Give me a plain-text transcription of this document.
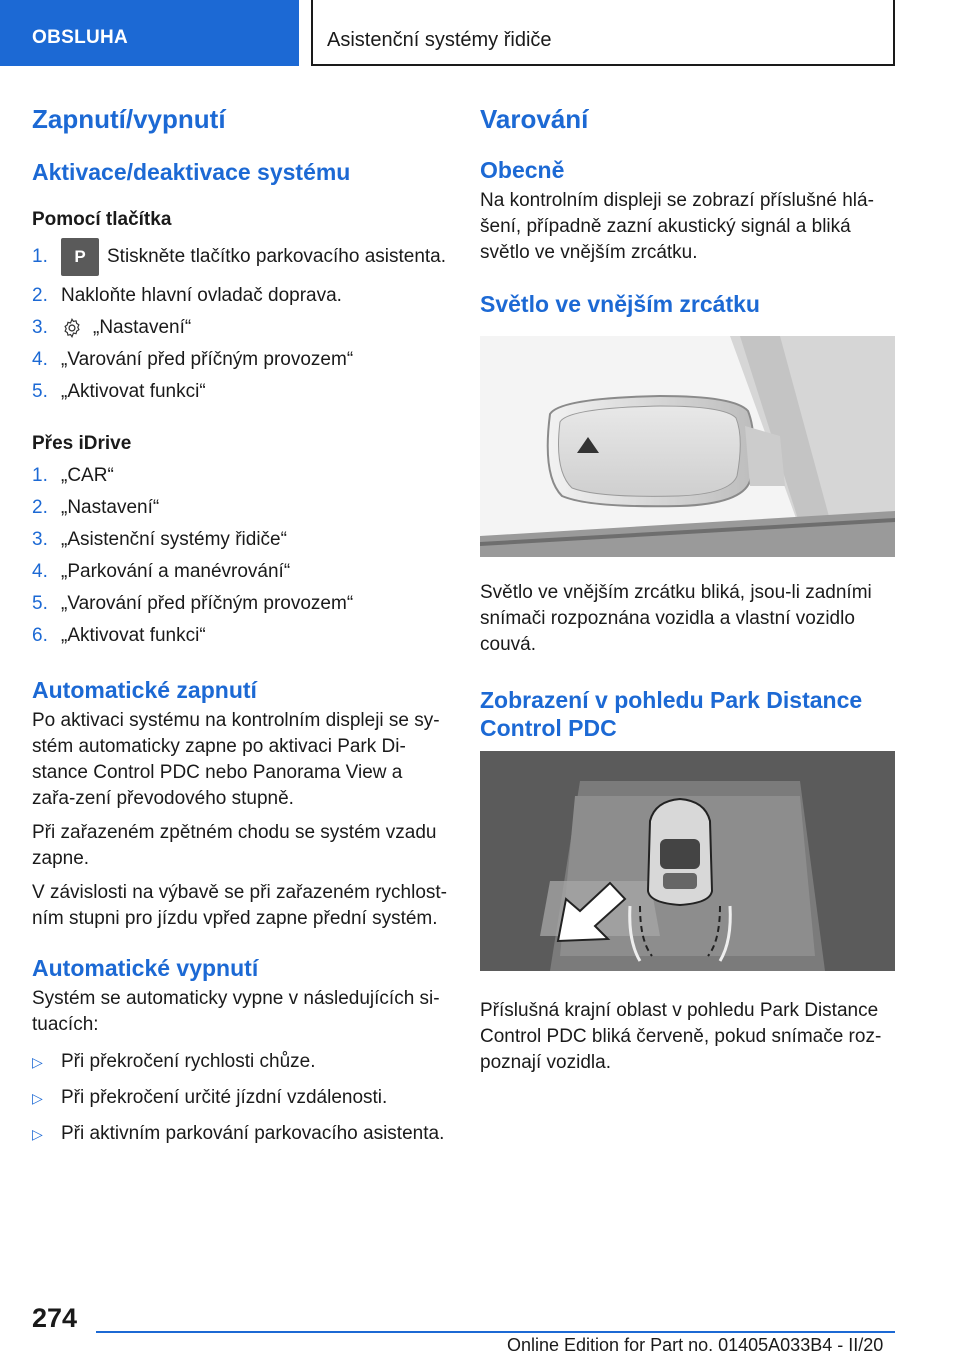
OBSLUHA	Asistenční systémy řidiče
Zapnutí/vypnutí
Aktivace/deaktivace systému
Pomocí tlačítka
1.	P Stiskněte tlačítko parkovacího asistenta.
2. Nakloňte hlavní ovladač doprava.
3.	„Nastavení“
4. „Varování před příčným provozem“
5. „Aktivovat funkci“
Přes iDrive
1. „CAR“
2. „Nastavení“
3. „Asistenční systémy řidiče“
4. „Parkování a manévrování“
5. „Varování před příčným provozem“
6. „Aktivovat funkci“
Automatické zapnutí

Po aktivaci systému na kontrolním displeji se sy-stém automaticky zapne po aktivaci Park Di-stance Control PDC nebo Panorama View a zařa-zení převodového stupně.

Při zařazeném zpětném chodu se systém vzadu zapne.

V závislosti na výbavě se při zařazeném rychlost-ním stupni pro jízdu vpřed zapne přední systém.

Automatické vypnutí

Systém se automaticky vypne v následujících si-tuacích:

▷ Při překročení rychlosti chůze.
▷ Při překročení určité jízdní vzdálenosti.
▷ Při aktivním parkování parkovacího asistenta.
Varování
Obecně

Na kontrolním displeji se zobrazí příslušné hlá-šení, případně zazní akustický signál a bliká světlo ve vnějším zrcátku.

Světlo ve vnějším zrcátku

Světlo ve vnějším zrcátku bliká, jsou-li zadními snímači rozpoznána vozidla a vlastní vozidlo couvá.

Zobrazení v pohledu Park Distance Control PDC

Příslušná krajní oblast v pohledu Park Distance Control PDC bliká červeně, pokud snímače roz-poznají vozidla.

274
Online Edition for Part no. 01405A033B4 - II/20
